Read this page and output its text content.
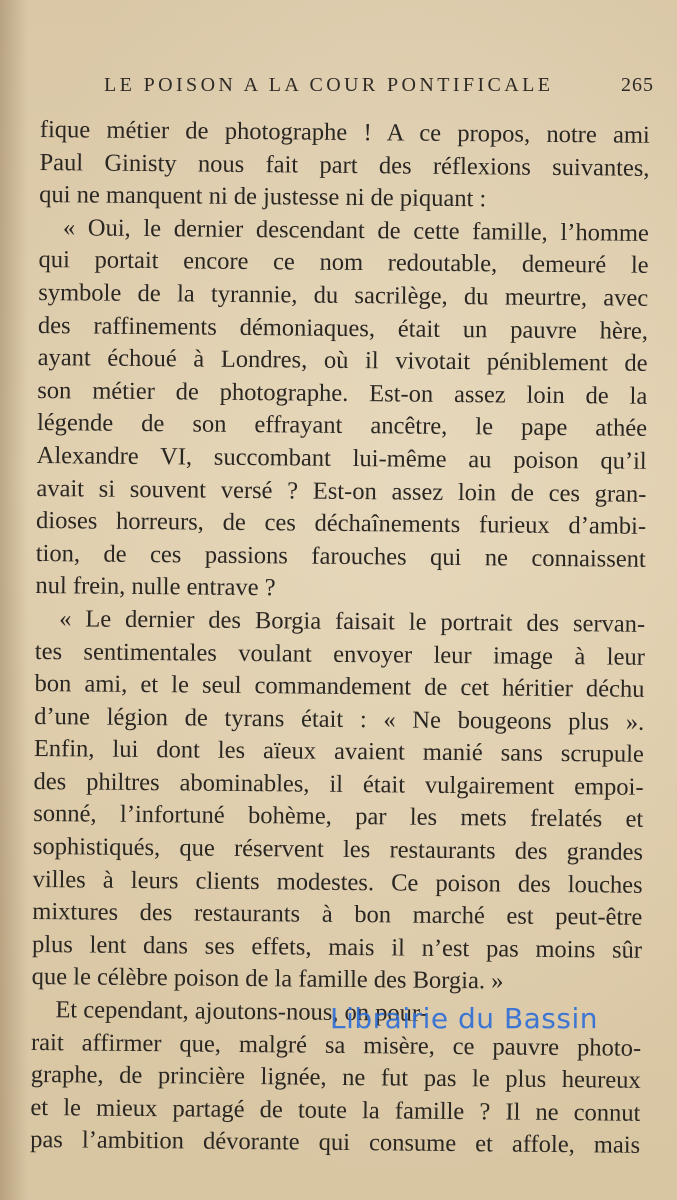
LE POISON A LA COUR PONTIFICALE	265
fique métier de photographe ! A ce propos, notre ami
Paul Ginisty nous fait part des réflexions suivantes,
qui ne manquent ni de justesse ni de piquant :
« Oui, le dernier descendant de cette famille, l’homme
qui portait encore ce nom redoutable, demeuré le
symbole de la tyrannie, du sacrilège, du meurtre, avec
des raffinements démoniaques, était un pauvre hère,
ayant échoué à Londres, où il vivotait péniblement de
son métier de photographe. Est-on assez loin de la
légende de son effrayant ancêtre, le pape athée
Alexandre VI, succombant lui-même au poison qu’il
avait si souvent versé ? Est-on assez loin de ces gran-
dioses horreurs, de ces déchaînements furieux d’ambi-
tion, de ces passions farouches qui ne connaissent
nul frein, nulle entrave ?
« Le dernier des Borgia faisait le portrait des servan-
tes sentimentales voulant envoyer leur image à leur
bon ami, et le seul commandement de cet héritier déchu
d’une légion de tyrans était : « Ne bougeons plus ».
Enfin, lui dont les aïeux avaient manié sans scrupule
des philtres abominables, il était vulgairement empoi-
sonné, l’infortuné bohème, par les mets frelatés et
sophistiqués, que réservent les restaurants des grandes
villes à leurs clients modestes. Ce poison des louches
mixtures des restaurants à bon marché est peut-être
plus lent dans ses effets, mais il n’est pas moins sûr
que le célèbre poison de la famille des Borgia. »
Et cependant, ajoutons-nous, on pour-
rait affirmer que, malgré sa misère, ce pauvre photo-
graphe, de princière lignée, ne fut pas le plus heureux
et le mieux partagé de toute la famille ? Il ne connut
pas l’ambition dévorante qui consume et affole, mais
Librairie du Bassin
